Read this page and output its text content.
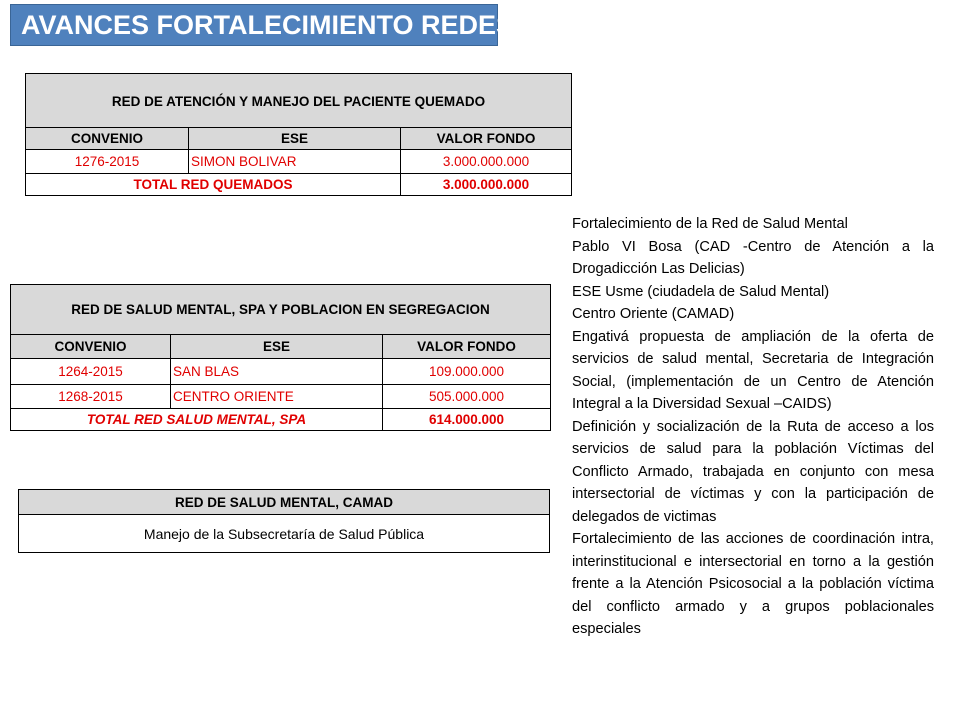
AVANCES FORTALECIMIENTO REDES
RED DE ATENCIÓN Y MANEJO DEL PACIENTE QUEMADO		
CONVENIO	ESE	VALOR FONDO
1276-2015	SIMON BOLIVAR	3.000.000.000
TOTAL RED QUEMADOS		3.000.000.000
RED DE SALUD MENTAL, SPA Y POBLACION EN SEGREGACION		
CONVENIO	ESE	VALOR FONDO
1264-2015	SAN BLAS	109.000.000
1268-2015	CENTRO ORIENTE	505.000.000
TOTAL RED SALUD MENTAL, SPA		614.000.000
RED DE SALUD MENTAL, CAMAD
Manejo de la Subsecretaría de Salud Pública

Fortalecimiento de la Red de Salud Mental

Pablo VI Bosa (CAD -Centro de Atención a la Drogadicción Las Delicias)

ESE Usme (ciudadela de Salud Mental)

Centro Oriente (CAMAD)

Engativá propuesta de ampliación de la oferta de servicios de salud mental, Secretaria de Integración Social, (implementación de un Centro de Atención Integral a la Diversidad Sexual –CAIDS)

Definición y socialización de la Ruta de acceso a los servicios de salud para la población Víctimas del Conflicto Armado, trabajada en conjunto con mesa intersectorial de víctimas y con la participación de delegados de victimas

Fortalecimiento de las acciones de coordinación intra, interinstitucional e intersectorial en torno a la gestión frente a la Atención Psicosocial a la población víctima del conflicto armado y a grupos poblacionales especiales
